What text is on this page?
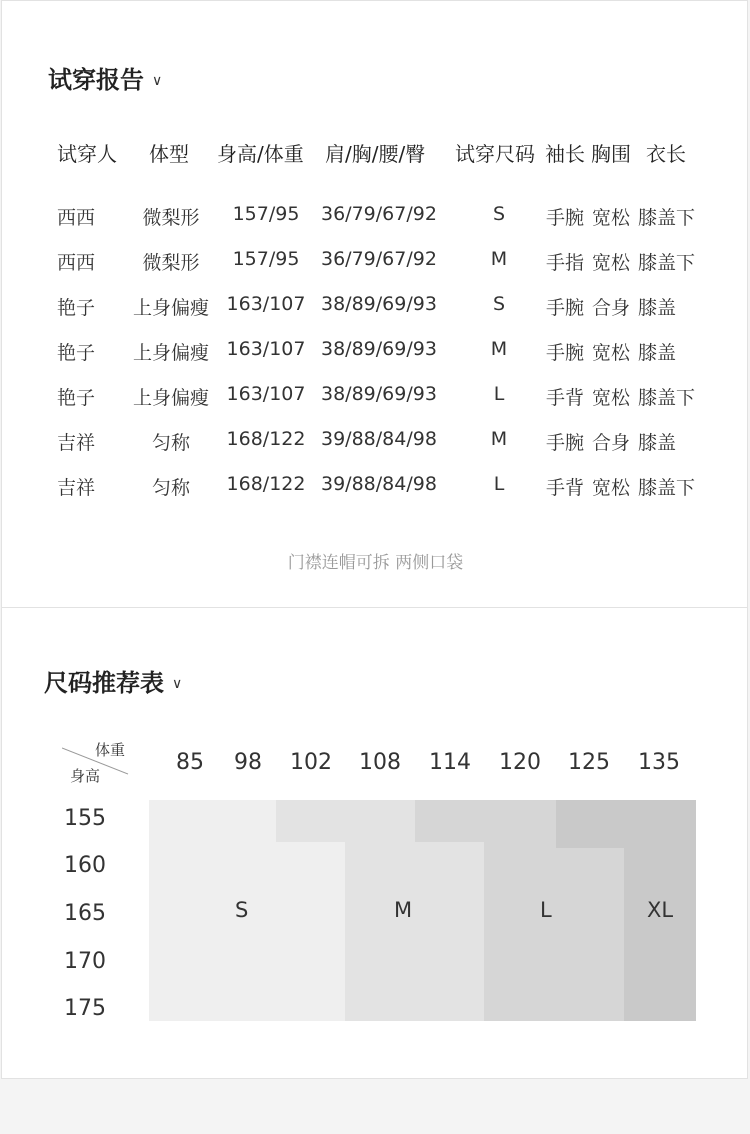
试穿报告 ∨
试穿人 体型 身高/体重 肩/胸/腰/臀 试穿尺码 袖长 胸围 衣长
西西	微梨形	157/95	36/79/67/92	S	手腕 宽松 膝盖下
西西	微梨形	157/95	36/79/67/92	M	手指 宽松 膝盖下
艳子	上身偏瘦 163/107 38/89/69/93	S	手腕 合身 膝盖
艳子	上身偏瘦 163/107 38/89/69/93	M	手腕 宽松 膝盖
艳子	上身偏瘦 163/107 38/89/69/93	L	手背 宽松 膝盖下
吉祥	匀称	168/122 39/88/84/98	M	手腕 合身 膝盖
吉祥	匀称	168/122 39/88/84/98	L	手背 宽松 膝盖下
门襟连帽可拆 两侧口袋
尺码推荐表 ∨
体重
身高
85	98	102	108	114	120	125	135
155
160
165
170
175
S	M	L	XL
